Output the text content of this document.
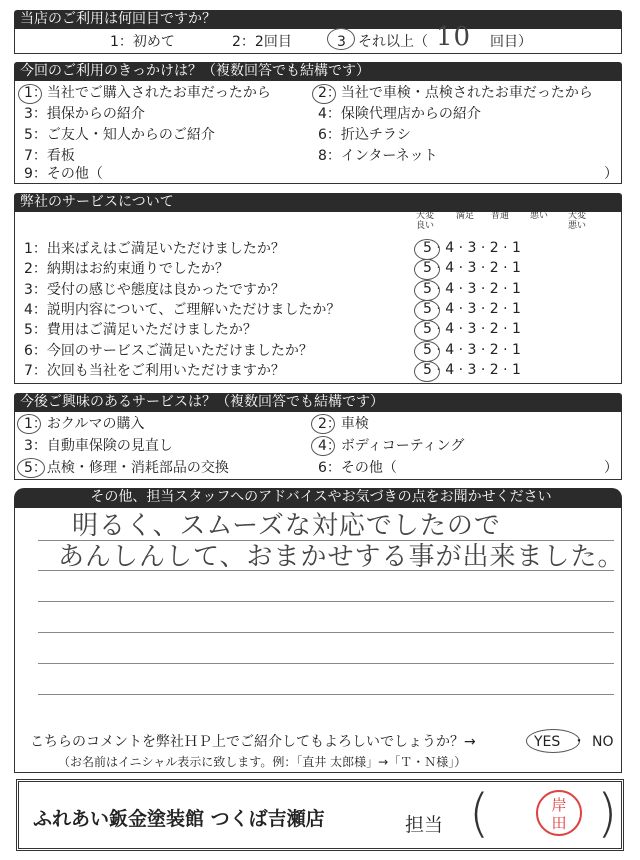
当店のご利用は何回目ですか？
1：初めて	2：2回目	3 それ以上（ 10 回目）
今回のご利用のきっかけは？（複数回答でも結構です）
1：当社でご購入されたお車だったから	2：当社で車検・点検されたお車だったから
3：損保からの紹介	4：保険代理店からの紹介
5：ご友人・知人からのご紹介	6：折込チラシ
7：看板	8：インターネット
9：その他（	）
弊社のサービスについて
大変
良い
満足 普通 悪い 大変
悪い
1：出来ばえはご満足いただけましたか？	5 · 4 · 3 · 2 · 1
2：納期はお約束通りでしたか？	5 · 4 · 3 · 2 · 1
3：受付の感じや態度は良かったですか？	5 · 4 · 3 · 2 · 1
4：説明内容について、ご理解いただけましたか？	5 · 4 · 3 · 2 · 1
5：費用はご満足いただけましたか？	5 · 4 · 3 · 2 · 1
6：今回のサービスご満足いただけましたか？	5 · 4 · 3 · 2 · 1
7：次回も当社をご利用いただけますか？	5 · 4 · 3 · 2 · 1
今後ご興味のあるサービスは？（複数回答でも結構です）
1：おクルマの購入	2：車検
3：自動車保険の見直し	4：ボディコーティング
5：点検・修理・消耗部品の交換	6：その他（	）
その他、担当スタッフへのアドバイスやお気づきの点をお聞かせください
明るく、スムーズな対応でしたので
あんしんして、おまかせする事が出来ました。
こちらのコメントを弊社ＨＰ上でご紹介してもよろしいでしょうか？→	YES ・ NO
（お名前はイニシャル表示に致します。例：「直井 太郎様」→「Ｔ・Ｎ様」）
ふれあい鈑金塗装館 つくば吉瀬店	担当 ( )
岸
田
